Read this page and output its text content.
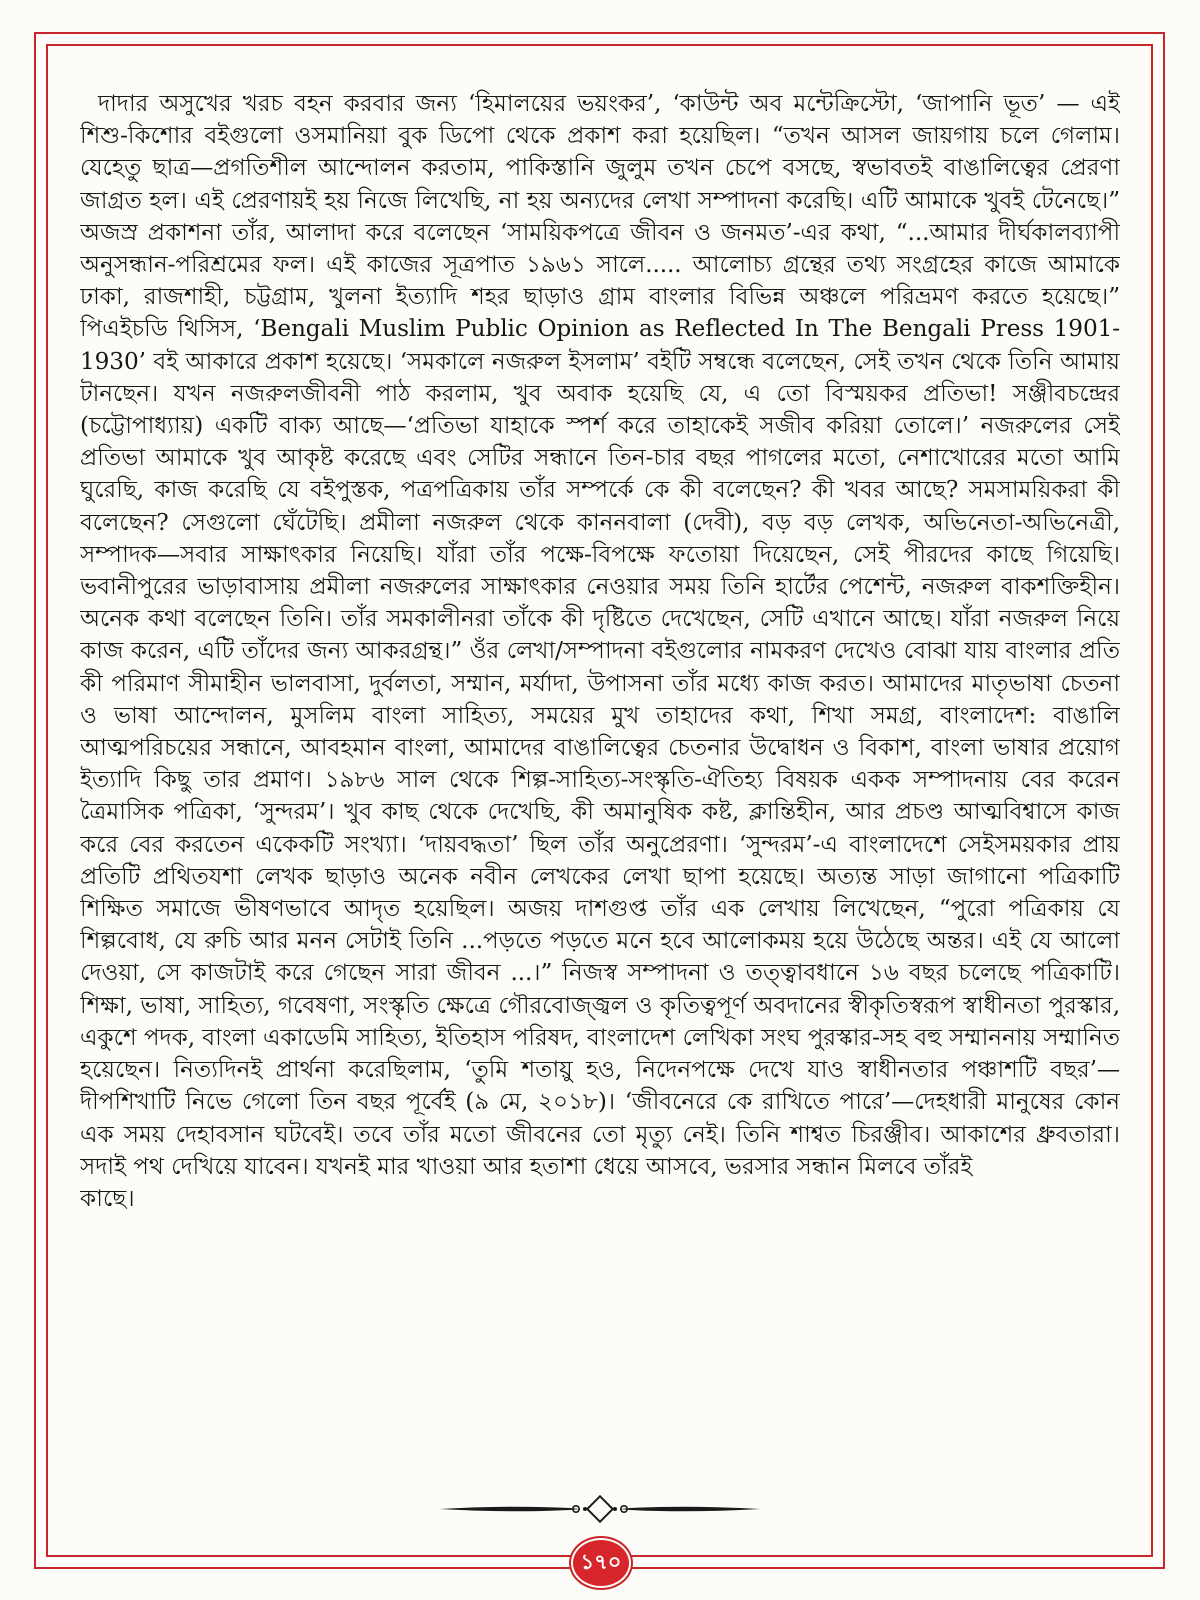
দাদার অসুখের খরচ বহন করবার জন্য ‘হিমালয়ের ভয়ংকর’, ‘কাউন্ট অব মন্টেক্রিস্টো, ‘জাপানি ভূত’ — এই শিশু-কিশোর বইগুলো ওসমানিয়া বুক ডিপো থেকে প্রকাশ করা হয়েছিল। “তখন আসল জায়গায় চলে গেলাম। যেহেতু ছাত্র—প্রগতিশীল আন্দোলন করতাম, পাকিস্তানি জুলুম তখন চেপে বসছে, স্বভাবতই বাঙালিত্বের প্রেরণা জাগ্রত হল। এই প্রেরণায়ই হয় নিজে লিখেছি, না হয় অন্যদের লেখা সম্পাদনা করেছি। এটি আমাকে খুবই টেনেছে।” অজস্র প্রকাশনা তাঁর, আলাদা করে বলেছেন ‘সাময়িকপত্রে জীবন ও জনমত’-এর কথা, “...আমার দীর্ঘকালব্যাপী অনুসন্ধান-পরিশ্রমের ফল। এই কাজের সূত্রপাত ১৯৬১ সালে..... আলোচ্য গ্রন্থের তথ্য সংগ্রহের কাজে আমাকে ঢাকা, রাজশাহী, চট্টগ্রাম, খুলনা ইত্যাদি শহর ছাড়াও গ্রাম বাংলার বিভিন্ন অঞ্চলে পরিভ্রমণ করতে হয়েছে।” পিএইচডি থিসিস, ‘Bengali Muslim Public Opinion as Reflected In The Bengali Press 1901-1930’ বই আকারে প্রকাশ হয়েছে। ‘সমকালে নজরুল ইসলাম’ বইটি সম্বন্ধে বলেছেন, সেই তখন থেকে তিনি আমায় টানছেন। যখন নজরুলজীবনী পাঠ করলাম, খুব অবাক হয়েছি যে, এ তো বিস্ময়কর প্রতিভা! সঞ্জীবচন্দ্রের (চট্টোপাধ্যায়) একটি বাক্য আছে—‘প্রতিভা যাহাকে স্পর্শ করে তাহাকেই সজীব করিয়া তোলে।’ নজরুলের সেই প্রতিভা আমাকে খুব আকৃষ্ট করেছে এবং সেটির সন্ধানে তিন-চার বছর পাগলের মতো, নেশাখোরের মতো আমি ঘুরেছি, কাজ করেছি যে বইপুস্তক, পত্রপত্রিকায় তাঁর সম্পর্কে কে কী বলেছেন? কী খবর আছে? সমসাময়িকরা কী বলেছেন? সেগুলো ঘেঁটেছি। প্রমীলা নজরুল থেকে কাননবালা (দেবী), বড় বড় লেখক, অভিনেতা-অভিনেত্রী, সম্পাদক—সবার সাক্ষাৎকার নিয়েছি। যাঁরা তাঁর পক্ষে-বিপক্ষে ফতোয়া দিয়েছেন, সেই পীরদের কাছে গিয়েছি। ভবানীপুরের ভাড়াবাসায় প্রমীলা নজরুলের সাক্ষাৎকার নেওয়ার সময় তিনি হার্টের পেশেন্ট, নজরুল বাকশক্তিহীন। অনেক কথা বলেছেন তিনি। তাঁর সমকালীনরা তাঁকে কী দৃষ্টিতে দেখেছেন, সেটি এখানে আছে। যাঁরা নজরুল নিয়ে কাজ করেন, এটি তাঁদের জন্য আকরগ্রন্থ।” ওঁর লেখা/সম্পাদনা বইগুলোর নামকরণ দেখেও বোঝা যায় বাংলার প্রতি কী পরিমাণ সীমাহীন ভালবাসা, দুর্বলতা, সম্মান, মর্যাদা, উপাসনা তাঁর মধ্যে কাজ করত। আমাদের মাতৃভাষা চেতনা ও ভাষা আন্দোলন, মুসলিম বাংলা সাহিত্য, সময়ের মুখ তাহাদের কথা, শিখা সমগ্র, বাংলাদেশ: বাঙালি আত্মপরিচয়ের সন্ধানে, আবহমান বাংলা, আমাদের বাঙালিত্বের চেতনার উদ্বোধন ও বিকাশ, বাংলা ভাষার প্রয়োগ ইত্যাদি কিছু তার প্রমাণ। ১৯৮৬ সাল থেকে শিল্প-সাহিত্য-সংস্কৃতি-ঐতিহ্য বিষয়ক একক সম্পাদনায় বের করেন ত্রৈমাসিক পত্রিকা, ‘সুন্দরম’। খুব কাছ থেকে দেখেছি, কী অমানুষিক কষ্ট, ক্লান্তিহীন, আর প্রচণ্ড আত্মবিশ্বাসে কাজ করে বের করতেন একেকটি সংখ্যা। ‘দায়বদ্ধতা’ ছিল তাঁর অনুপ্রেরণা। ‘সুন্দরম’-এ বাংলাদেশে সেইসময়কার প্রায় প্রতিটি প্রথিতযশা লেখক ছাড়াও অনেক নবীন লেখকের লেখা ছাপা হয়েছে। অত্যন্ত সাড়া জাগানো পত্রিকাটি শিক্ষিত সমাজে ভীষণভাবে আদৃত হয়েছিল। অজয় দাশগুপ্ত তাঁর এক লেখায় লিখেছেন, “পুরো পত্রিকায় যে শিল্পবোধ, যে রুচি আর মনন সেটাই তিনি ...পড়তে পড়তে মনে হবে আলোকময় হয়ে উঠেছে অন্তর। এই যে আলো দেওয়া, সে কাজটাই করে গেছেন সারা জীবন ...।” নিজস্ব সম্পাদনা ও তত্ত্বাবধানে ১৬ বছর চলেছে পত্রিকাটি। শিক্ষা, ভাষা, সাহিত্য, গবেষণা, সংস্কৃতি ক্ষেত্রে গৌরবোজ্জ্বল ও কৃতিত্বপূর্ণ অবদানের স্বীকৃতিস্বরূপ স্বাধীনতা পুরস্কার, একুশে পদক, বাংলা একাডেমি সাহিত্য, ইতিহাস পরিষদ, বাংলাদেশ লেখিকা সংঘ পুরস্কার-সহ বহু সম্মাননায় সম্মানিত হয়েছেন। নিত্যদিনই প্রার্থনা করেছিলাম, ‘তুমি শতায়ু হও, নিদেনপক্ষে দেখে যাও স্বাধীনতার পঞ্চাশটি বছর’—দীপশিখাটি নিভে গেলো তিন বছর পূর্বেই (৯ মে, ২০১৮)। ‘জীবনেরে কে রাখিতে পারে’—দেহধারী মানুষের কোন এক সময় দেহাবসান ঘটবেই। তবে তাঁর মতো জীবনের তো মৃত্যু নেই। তিনি শাশ্বত চিরঞ্জীব। আকাশের ধ্রুবতারা। সদাই পথ দেখিয়ে যাবেন। যখনই মার খাওয়া আর হতাশা ধেয়ে আসবে, ভরসার সন্ধান মিলবে তাঁরই

কাছে।

১৭০
